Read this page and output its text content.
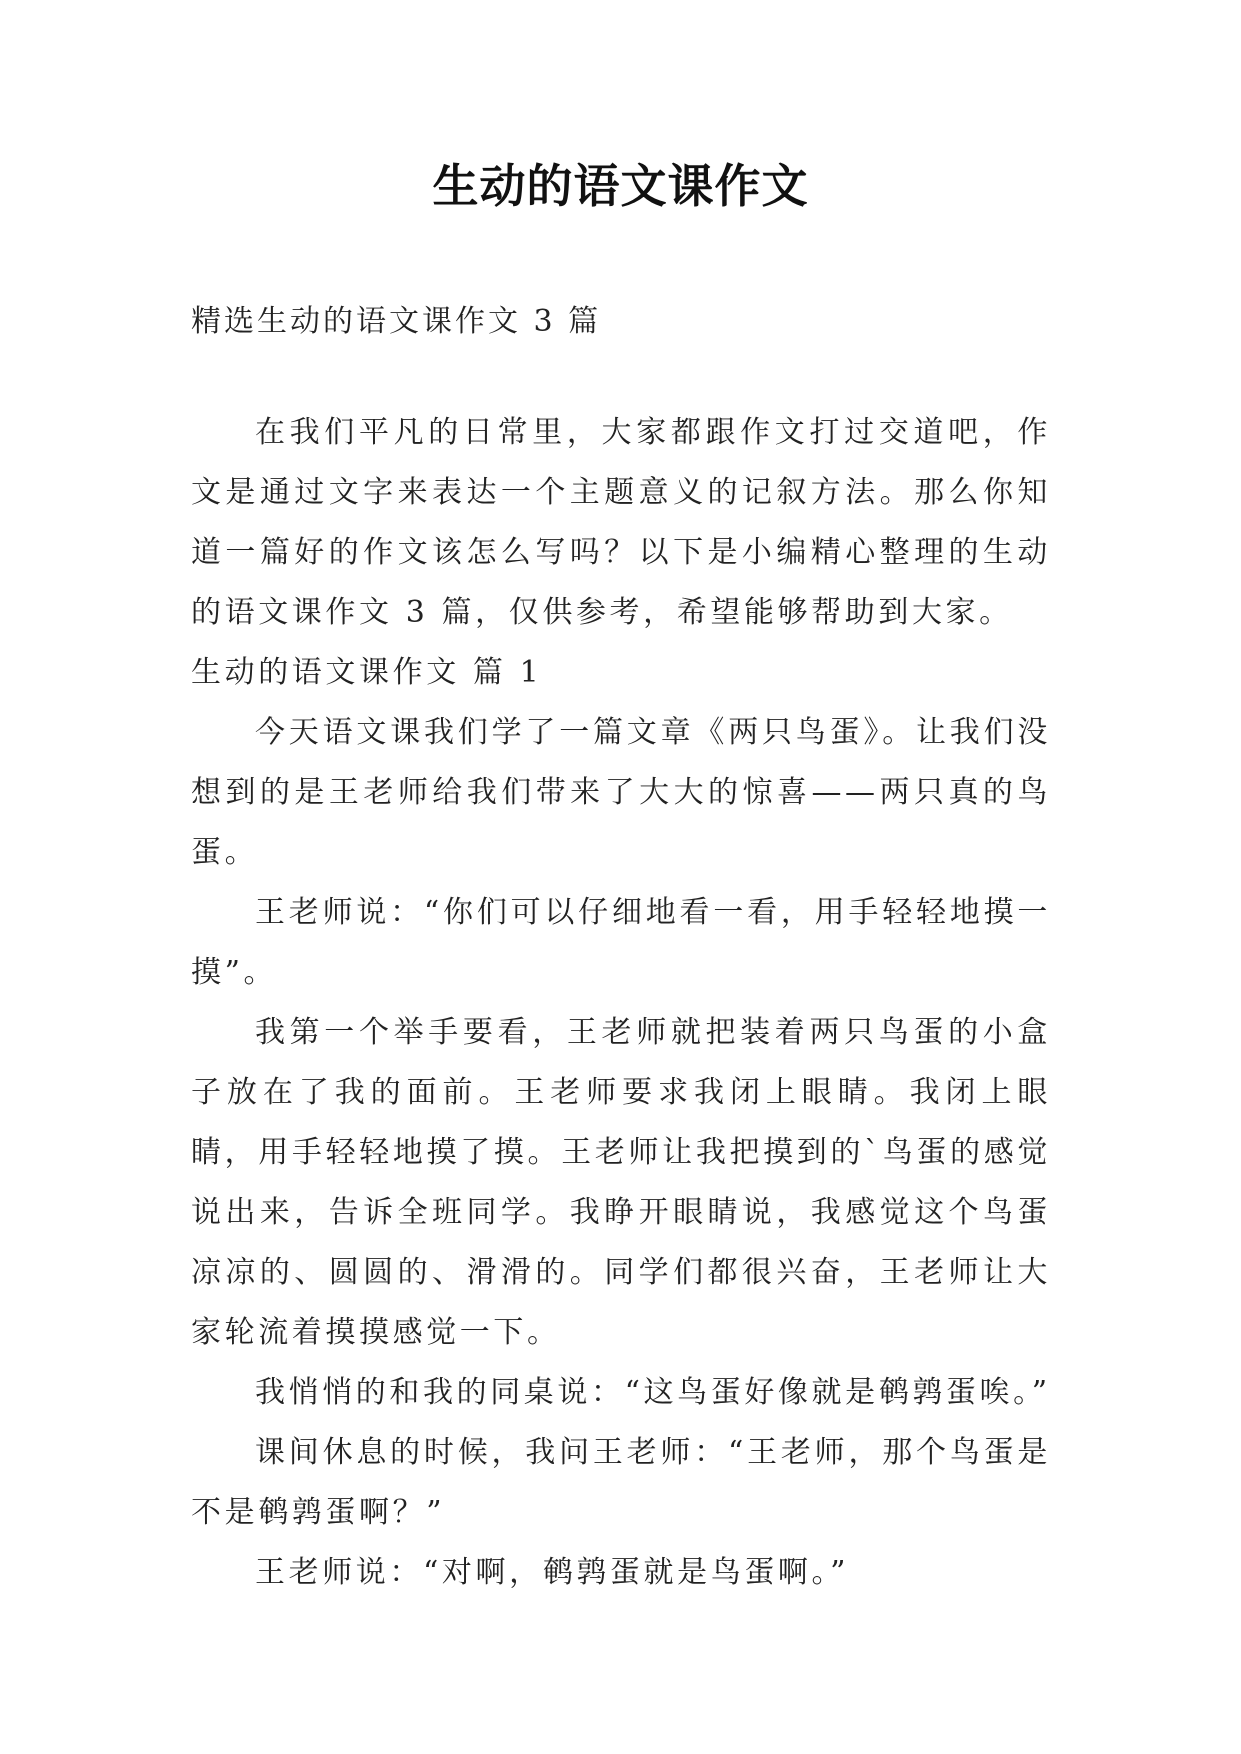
生动的语文课作文
精选生动的语文课作文 3 篇

在我们平凡的日常里，大家都跟作文打过交道吧，作文是通过文字来表达一个主题意义的记叙方法。那么你知道一篇好的作文该怎么写吗？以下是小编精心整理的生动的语文课作文 3 篇，仅供参考，希望能够帮助到大家。

生动的语文课作文 篇 1

今天语文课我们学了一篇文章《两只鸟蛋》。让我们没想到的是王老师给我们带来了大大的惊喜——两只真的鸟蛋。

王老师说：“你们可以仔细地看一看，用手轻轻地摸一摸”。

我第一个举手要看，王老师就把装着两只鸟蛋的小盒子放在了我的面前。王老师要求我闭上眼睛。我闭上眼睛，用手轻轻地摸了摸。王老师让我把摸到的`鸟蛋的感觉说出来，告诉全班同学。我睁开眼睛说，我感觉这个鸟蛋凉凉的、圆圆的、滑滑的。同学们都很兴奋，王老师让大家轮流着摸摸感觉一下。

我悄悄的和我的同桌说：“这鸟蛋好像就是鹌鹑蛋唉。”

课间休息的时候，我问王老师：“王老师，那个鸟蛋是不是鹌鹑蛋啊？”

王老师说：“对啊，鹌鹑蛋就是鸟蛋啊。”
